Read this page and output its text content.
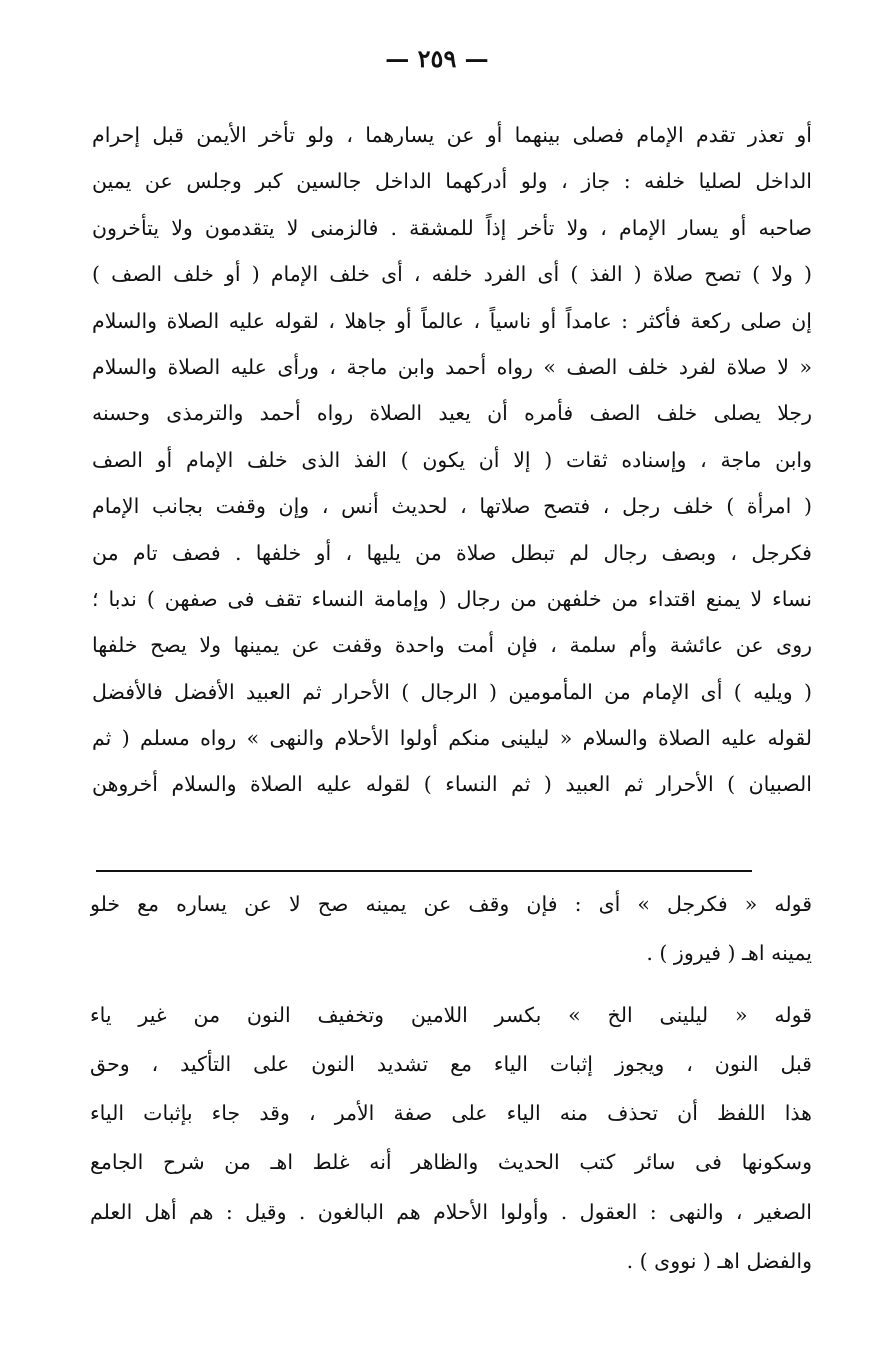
— ٢٥٩ —
أو تعذر تقدم الإمام فصلى بينهما أو عن يسارهما ، ولو تأخر الأيمن قبل إحرام
الداخل لصليا خلفه : جاز ، ولو أدركهما الداخل جالسين كبر وجلس عن يمين
صاحبه أو يسار الإمام ، ولا تأخر إذاً للمشقة . فالزمنى لا يتقدمون ولا يتأخرون
( ولا ) تصح صلاة ( الفذ ) أى الفرد خلفه ، أى خلف الإمام ( أو خلف الصف )
إن صلى ركعة فأكثر : عامداً أو ناسياً ، عالماً أو جاهلا ، لقوله عليه الصلاة والسلام
« لا صلاة لفرد خلف الصف » رواه أحمد وابن ماجة ، ورأى عليه الصلاة والسلام
رجلا يصلى خلف الصف فأمره أن يعيد الصلاة رواه أحمد والترمذى وحسنه
وابن ماجة ، وإسناده ثقات ( إلا أن يكون ) الفذ الذى خلف الإمام أو الصف
( امرأة ) خلف رجل ، فتصح صلاتها ، لحديث أنس ، وإن وقفت بجانب الإمام
فكرجل ، وبصف رجال لم تبطل صلاة من يليها ، أو خلفها . فصف تام من
نساء لا يمنع اقتداء من خلفهن من رجال ( وإمامة النساء تقف فى صفهن ) ندبا ؛
روى عن عائشة وأم سلمة ، فإن أمت واحدة وقفت عن يمينها ولا يصح خلفها
( ويليه ) أى الإمام من المأمومين ( الرجال ) الأحرار ثم العبيد الأفضل فالأفضل
لقوله عليه الصلاة والسلام « ليلينى منكم أولوا الأحلام والنهى » رواه مسلم ( ثم
الصبيان ) الأحرار ثم العبيد ( ثم النساء ) لقوله عليه الصلاة والسلام أخروهن
قوله « فكرجل » أى : فإن وقف عن يمينه صح لا عن يساره مع خلو
يمينه اهـ ( فيروز ) .
قوله « ليلينى الخ » بكسر اللامين وتخفيف النون من غير ياء
قبل النون ، ويجوز إثبات الياء مع تشديد النون على التأكيد ، وحق
هذا اللفظ أن تحذف منه الياء على صفة الأمر ، وقد جاء بإثبات الياء
وسكونها فى سائر كتب الحديث والظاهر أنه غلط اهـ من شرح الجامع
الصغير ، والنهى : العقول . وأولوا الأحلام هم البالغون . وقيل : هم أهل العلم
والفضل اهـ ( نووى ) .
